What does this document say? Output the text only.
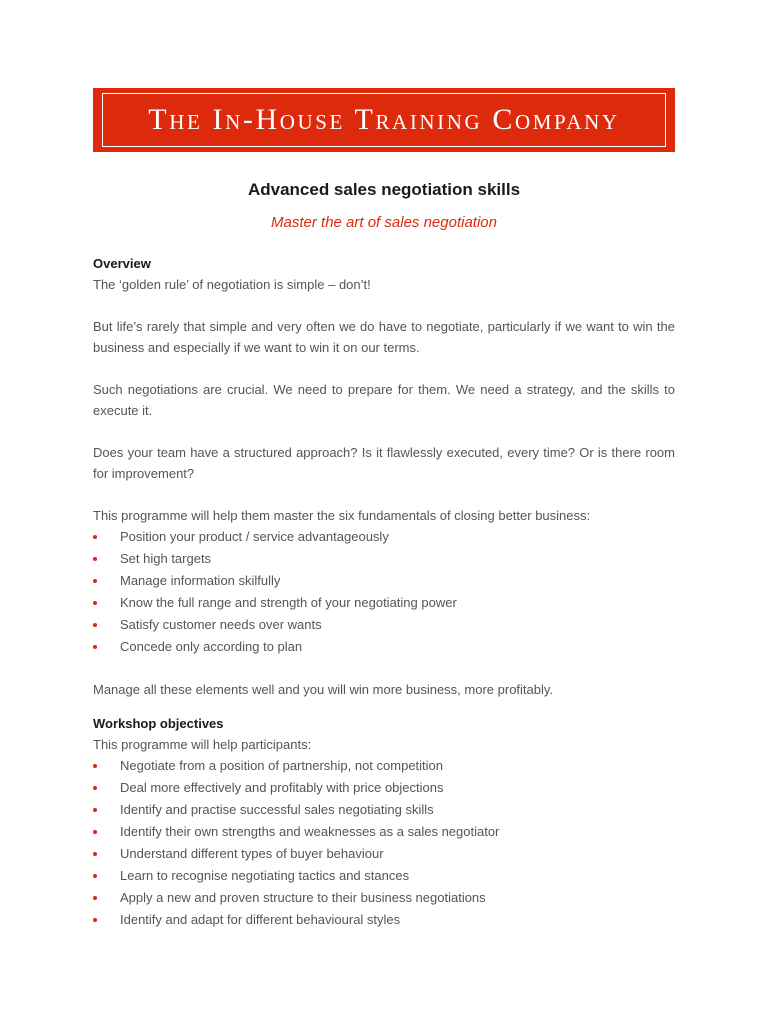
The In-House Training Company
Advanced sales negotiation skills
Master the art of sales negotiation
Overview

The ‘golden rule’ of negotiation is simple – don’t!

But life’s rarely that simple and very often we do have to negotiate, particularly if we want to win the business and especially if we want to win it on our terms.

Such negotiations are crucial. We need to prepare for them. We need a strategy, and the skills to execute it.

Does your team have a structured approach? Is it flawlessly executed, every time? Or is there room for improvement?

This programme will help them master the six fundamentals of closing better business:

Position your product / service advantageously
Set high targets
Manage information skilfully
Know the full range and strength of your negotiating power
Satisfy customer needs over wants
Concede only according to plan

Manage all these elements well and you will win more business, more profitably.

Workshop objectives

This programme will help participants:

Negotiate from a position of partnership, not competition
Deal more effectively and profitably with price objections
Identify and practise successful sales negotiating skills
Identify their own strengths and weaknesses as a sales negotiator
Understand different types of buyer behaviour
Learn to recognise negotiating tactics and stances
Apply a new and proven structure to their business negotiations
Identify and adapt for different behavioural styles
